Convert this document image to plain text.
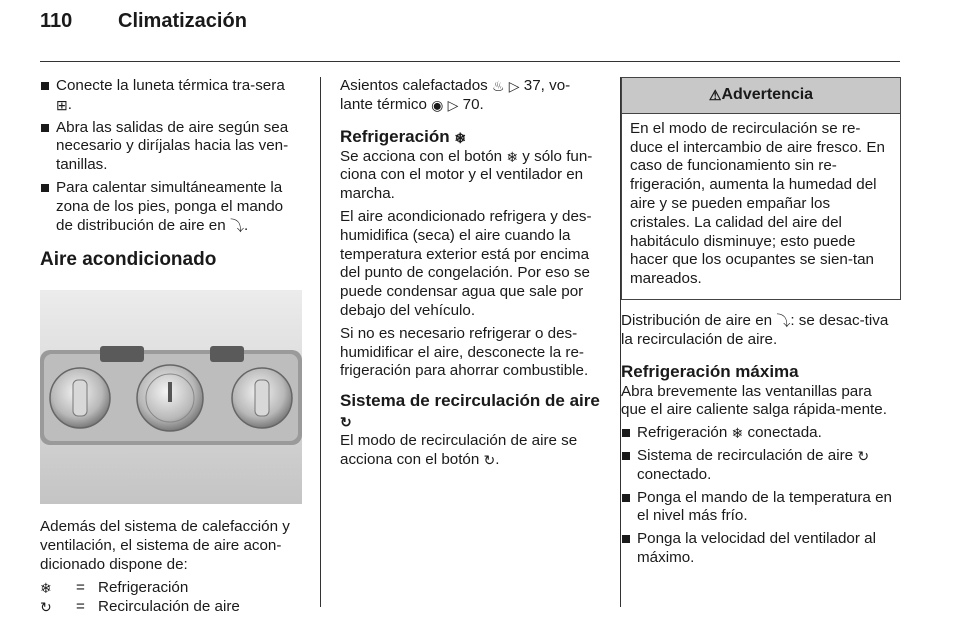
110 Climatización
Conecte la luneta térmica tra-sera ⊞.
Abra las salidas de aire según sea necesario y diríjalas hacia las ven-tanillas.
Para calentar simultáneamente la zona de los pies, ponga el mando de distribución de aire en ⤵.
Aire acondicionado

Además del sistema de calefacción y ventilación, el sistema de aire acon-dicionado dispone de:

❄	=	Refrigeración
↻	=	Recirculación de aire

Asientos calefactados ♨ ▷ 37, vo-lante térmico ◉ ▷ 70.

Refrigeración ❄

Se acciona con el botón ❄ y sólo fun-ciona con el motor y el ventilador en marcha.

El aire acondicionado refrigera y des-humidifica (seca) el aire cuando la temperatura exterior está por encima del punto de congelación. Por eso se puede condensar agua que sale por debajo del vehículo.

Si no es necesario refrigerar o des-humidificar el aire, desconecte la re-frigeración para ahorrar combustible.

Sistema de recirculación de aire ↻

El modo de recirculación de aire se acciona con el botón ↻.

⚠Advertencia
En el modo de recirculación se re-duce el intercambio de aire fresco. En caso de funcionamiento sin re-frigeración, aumenta la humedad del aire y se pueden empañar los cristales. La calidad del aire del habitáculo disminuye; esto puede hacer que los ocupantes se sien-tan mareados.

Distribución de aire en ⤵: se desac-tiva la recirculación de aire.

Refrigeración máxima

Abra brevemente las ventanillas para que el aire caliente salga rápida-mente.

Refrigeración ❄ conectada.
Sistema de recirculación de aire ↻ conectado.
Ponga el mando de la temperatura en el nivel más frío.
Ponga la velocidad del ventilador al máximo.
